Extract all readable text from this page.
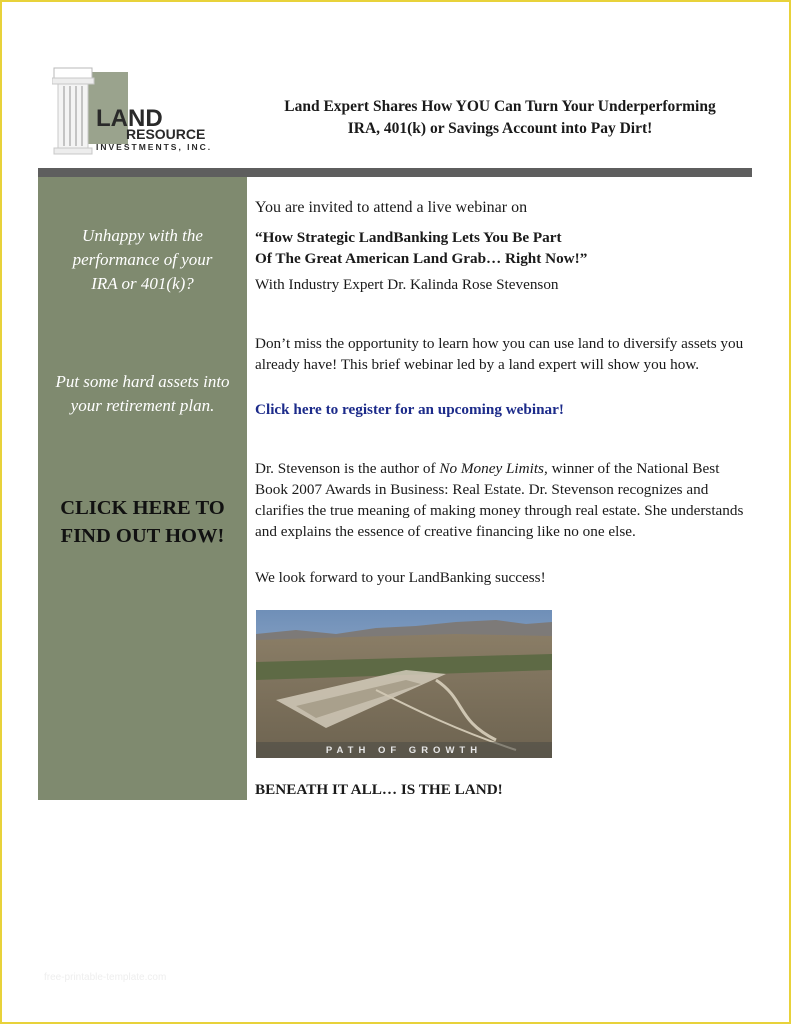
LAND
RESOURCE
INVESTMENTS, INC.
Land Expert Shares How YOU Can Turn Your Underperforming
IRA, 401(k) or Savings Account into Pay Dirt!
Unhappy with the
performance of your
IRA or 401(k)?
Put some hard assets into
your retirement plan.
CLICK HERE TO
FIND OUT HOW!
You are invited to attend a live webinar on
“How Strategic LandBanking Lets You Be Part
Of The Great American Land Grab… Right Now!”
With Industry Expert Dr. Kalinda Rose Stevenson

Don’t miss the opportunity to learn how you can use land to diversify assets you already have! This brief webinar led by a land expert will show you how.

Click here to register for an upcoming webinar!

Dr. Stevenson is the author of No Money Limits, winner of the National Best Book 2007 Awards in Business: Real Estate. Dr. Stevenson recognizes and clarifies the true meaning of making money through real estate. She understands and explains the essence of creative financing like no one else.

We look forward to your LandBanking success!
PATH OF GROWTH
BENEATH IT ALL… IS THE LAND!
free-printable-template.com
